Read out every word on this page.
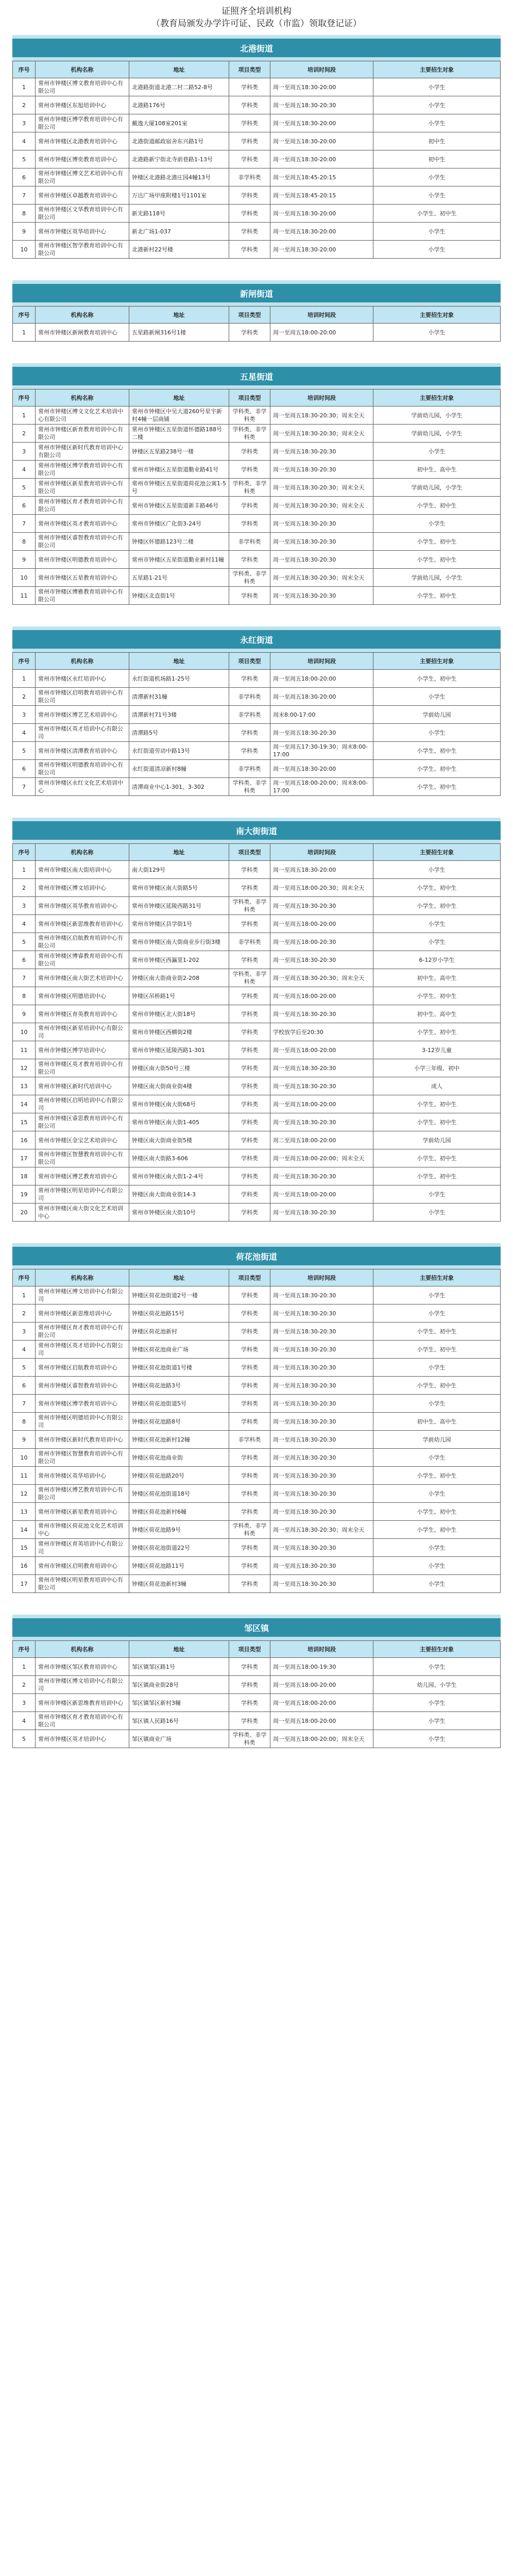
证照齐全培训机构
（教育局颁发办学许可证、民政（市监）领取登记证）
北港街道
序号	机构名称	地址	项目类型	培训时间段	主要招生对象
1	常州市钟楼区博文教育培训中心有限公司	北港路街道北港二村二路52-8号	学科类	周一至周五18:30-20:00	小学生
2	常州市钟楼区东旭培训中心	北港路176号	学科类	周一至周五18:30-20:30	小学生
3	常州市钟楼区博学教育培训中心有限公司	戴逸大厦108室201室	学科类	周一至周五18:30-20:00	小学生
4	常州市钟楼区北港教育培训中心	北港街道邮政宿舍东兴路1号	学科类	周一至周五18:30-20:00	初中生
5	常州市钟楼区博奕教育培训中心	北港路新宁街北寺前巷路1-13号	学科类	周一至周五18:30-20:00	初中生
6	常州市钟楼区博文艺术培训中心有限公司	钟楼区北港路北港庄园4幢13号	非学科类	周一至周五18:45-20:15	小学生
7	常州市钟楼区卓越教育培训中心	万达广场甲座附楼1号1101室	学科类	周一至周五18:45-20:15	小学生
8	常州市钟楼区文华教育培训中心有限公司	新光路118号	学科类	周一至周五18:30-20:00	小学生、初中生
9	常州市钟楼区英华培训中心	新北广场1-037	学科类	周一至周五18:30-20:00	小学生
10	常州市钟楼区智学教育培训中心有限公司	北港新村22号楼	学科类	周一至周五18:30-20:00	小学生
新闸街道
序号	机构名称	地址	项目类型	培训时间段	主要招生对象
1	常州市钟楼区新闸教育培训中心	五星路新闸316号1楼	学科类	周一至周五18:00-20:00	小学生
五星街道
序号	机构名称	地址	项目类型	培训时间段	主要招生对象
1	常州市钟楼区博文文化艺术培训中心有限公司	常州市钟楼区中吴大道260号星宇新村4幢一层商铺	学科类、非学科类	周一至周五18:30-20:30；周末全天	学前幼儿园，小学生
2	常州市钟楼区新育教育培训中心有限公司	常州市钟楼区五星街道怀德路188号二楼	学科类、非学科类	周一至周五18:30-20:30；周末全天	学前幼儿园，小学生
3	常州市钟楼区新时代教育培训中心有限公司	钟楼区五星路238号一楼	学科类	周一至周五18:30-20:30	小学生
4	常州市钟楼区博学教育培训中心有限公司	常州市钟楼区五星街道勤业路41号	学科类	周一至周五18:30-20:30	初中生、高中生
5	常州市钟楼区新星教育培训中心有限公司	常州市钟楼区五星街道荷花池公寓1-5号	学科类、非学科类	周一至周五18:30-20:30；周末全天	学前幼儿园，小学生
6	常州市钟楼区育才教育培训中心有限公司	常州市钟楼区五星街道新丰路46号	学科类	周一至周五18:30-20:30；周末全天	小学生、初中生
7	常州市钟楼区英才教育培训中心	常州市钟楼区广化街3-24号	学科类	周一至周五18:30-20:30	小学生
8	常州市钟楼区睿智教育培训中心有限公司	钟楼区怀德路123号二楼	非学科类	周一至周五18:30-20:30	小学生、初中生
9	常州市钟楼区明德教育培训中心	常州市钟楼区五星街道勤业新村11幢	学科类	周一至周五18:30-20:30	小学生、初中生
10	常州市钟楼区五星教育培训中心	五星路1-21号	学科类、非学科类	周一至周五18:30-20:30；周末全天	学前幼儿园，小学生
11	常州市钟楼区博雅教育培训中心有限公司	钟楼区北直街1号	学科类	周一至周五18:30-20:30	小学生、初中生
永红街道
序号	机构名称	地址	项目类型	培训时间段	主要招生对象
1	常州市钟楼区永红培训中心	永红街道机场路1-25号	学科类	周一至周五18:00-20:00	小学生、初中生
2	常州市钟楼区启明教育培训中心有限公司	清潭新村31幢	非学科类	周一至周五18:30-20:00	小学生
3	常州市钟楼区博艺艺术培训中心	清潭新村71号3楼	非学科类	周末8:00-17:00	学前幼儿园
4	常州市钟楼区英才培训中心有限公司	清潭路5号	学科类	周一至周五18:30-20:30	小学生
5	常州市钟楼区清潭教育培训中心	永红街道劳动中路13号	学科类	周一至周五17:30-19:30；周末8:00-17:00	小学生、初中生
6	常州市钟楼区明德教育培训中心有限公司	永红街道清凉新村8幢	非学科类	周一至周五18:30-20:00	小学生、初中生
7	常州市钟楼区永红文化艺术培训中心	清潭商业中心1-301、3-302	学科类、非学科类	周一至周五18:00-20:00；周末8:00-17:00	小学生、初中生
南大街街道
序号	机构名称	地址	项目类型	培训时间段	主要招生对象
1	常州市钟楼区南大街培训中心	南大街129号	学科类	周一至周五18:30-20:00	小学生
2	常州市钟楼区博文培训中心	常州市钟楼区南大街路5号	学科类	周一至周五18:00-20:30；周末全天	小学生、初中生
3	常州市钟楼区英华教育培训中心	常州市钟楼区延陵西路31号	学科类、非学科类	周一至周五18:30-20:30	小学生、初中生
4	常州市钟楼区新思维教育培训中心	常州市钟楼区县学街1号	学科类	周一至周五18:00-20:00	小学生
5	常州市钟楼区启航教育培训中心有限公司	常州市钟楼区南大街商业步行街3楼	非学科类	周一至周五18:00-20:30	小学生
6	常州市钟楼区博睿教育培训中心有限公司	常州市钟楼区西瀛里1-202	学科类	周一至周五18:30-20:30	6-12岁小学生
7	常州市钟楼区南大街艺术培训中心	钟楼区南大街商业街2-208	学科类、非学科类	周一至周五18:30-20:30；周末全天	初中生、高中生
8	常州市钟楼区明德培训中心	钟楼区吊桥路1号	学科类	周一至周五18:00-20:00	小学生、初中生
9	常州市钟楼区育英教育培训中心	常州市钟楼区北大街18号	学科类	周一至周五18:30-20:30	初中生、高中生
10	常州市钟楼区新星培训中心有限公司	常州市钟楼区西横街2楼	学科类	学校放学后至20:30	小学生、初中生
11	常州市钟楼区博学培训中心	常州市钟楼区延陵西路1-301	学科类	周一至周五18:00-20:00	3-12岁儿童
12	常州市钟楼区英才教育培训中心有限公司	钟楼区南大街50号三楼	学科类	周一至周五18:30-20:30	小学三年级、初中
13	常州市钟楼区新时代培训中心	钟楼区南大街商业街4楼	学科类	周一至周五18:30-20:30	成人
14	常州市钟楼区启明培训中心有限公司	常州市钟楼区南大街68号	学科类	周一至周五18:00-20:00	小学生、初中生
15	常州市钟楼区睿思教育培训中心有限公司	常州市钟楼区南大街1-405	学科类	周一至周五18:30-20:30	小学生、初中生
16	常州市钟楼区金宝艺术培训中心	钟楼区南大街商业街5楼	学科类	周二至周五18:00-20:00	学前幼儿园
17	常州市钟楼区智慧教育培训中心有限公司	钟楼区南大街路3-606	学科类	周一至周五18:00-20:00；周末全天	小学生、初中生
18	常州市钟楼区博艺教育培训中心	常州市钟楼区南大街1-2-4号	学科类	周一至周五18:30-20:30	小学生、初中生
19	常州市钟楼区明星培训中心有限公司	钟楼区南大街商业街14-3	学科类	周一至周五18:00-20:00	小学生
20	常州市钟楼区南大街文化艺术培训中心	常州市钟楼区南大街10号	学科类	周一至周五18:30-20:30	小学生
荷花池街道
序号	机构名称	地址	项目类型	培训时间段	主要招生对象
1	常州市钟楼区博文培训中心有限公司	钟楼区荷花池街道2号一楼	学科类	周一至周五18:30-20:30	小学生
2	常州市钟楼区新思维培训中心	钟楼区荷花池路15号	学科类	周一至周五18:30-20:30	小学生
3	常州市钟楼区育才教育培训中心有限公司	钟楼区荷花池新村	学科类	周一至周五18:30-20:30	小学生、初中生
4	常州市钟楼区英才培训中心有限公司	钟楼区荷花池商业广场	学科类	周一至周五18:30-20:30	小学生、初中生
5	常州市钟楼区启航教育培训中心	钟楼区荷花池街道1号楼	学科类	周一至周五18:30-20:30	小学生
6	常州市钟楼区睿智教育培训中心	钟楼区荷花池路3号	学科类	周一至周五18:30-20:30	小学生、初中生
7	常州市钟楼区博学教育培训中心	钟楼区荷花池街道5号	学科类	周一至周五18:30-20:30	小学生
8	常州市钟楼区明德培训中心有限公司	钟楼区荷花池路8号	学科类	周一至周五18:30-20:30	初中生、高中生
9	常州市钟楼区新时代教育培训中心	钟楼区荷花池新村12幢	非学科类	周一至周五18:30-20:30	学前幼儿园
10	常州市钟楼区智慧教育培训中心有限公司	钟楼区荷花池商业街	学科类	周一至周五18:30-20:30	小学生
11	常州市钟楼区英华培训中心	钟楼区荷花池路20号	学科类	周一至周五18:30-20:30	小学生、初中生
12	常州市钟楼区博艺教育培训中心有限公司	钟楼区荷花池街道18号	学科类	周一至周五18:30-20:30	小学生
13	常州市钟楼区新星教育培训中心	钟楼区荷花池新村6幢	学科类	周一至周五18:30-20:30	小学生、初中生
14	常州市钟楼区荷花池文化艺术培训中心	钟楼区荷花池路9号	学科类、非学科类	周一至周五18:30-20:30；周末全天	小学生、初中生
15	常州市钟楼区育英培训中心有限公司	钟楼区荷花池街道22号	学科类	周一至周五18:30-20:30	小学生
16	常州市钟楼区启明教育培训中心	钟楼区荷花池路11号	学科类	周一至周五18:30-20:30	小学生
17	常州市钟楼区明星教育培训中心有限公司	钟楼区荷花池新村3幢	学科类	周一至周五18:30-20:30	小学生
邹区镇
序号	机构名称	地址	项目类型	培训时间段	主要招生对象
1	常州市钟楼区邹区教育培训中心	邹区镇邹区路1号	学科类	周一至周五18:00-19:30	小学生
2	常州市钟楼区博文培训中心有限公司	邹区镇商业街28号	学科类	周一至周五18:00-20:00	幼儿园、小学生
3	常州市钟楼区新思维教育培训中心	邹区镇邹区新村3幢	学科类	周一至周五18:00-20:00	小学生
4	常州市钟楼区育才教育培训中心有限公司	邹区镇人民路16号	学科类	周一至周五18:00-20:00	小学生
5	常州市钟楼区英才培训中心	邹区镇商业广场	学科类、非学科类	周一至周五18:00-20:00；周末全天	小学生
